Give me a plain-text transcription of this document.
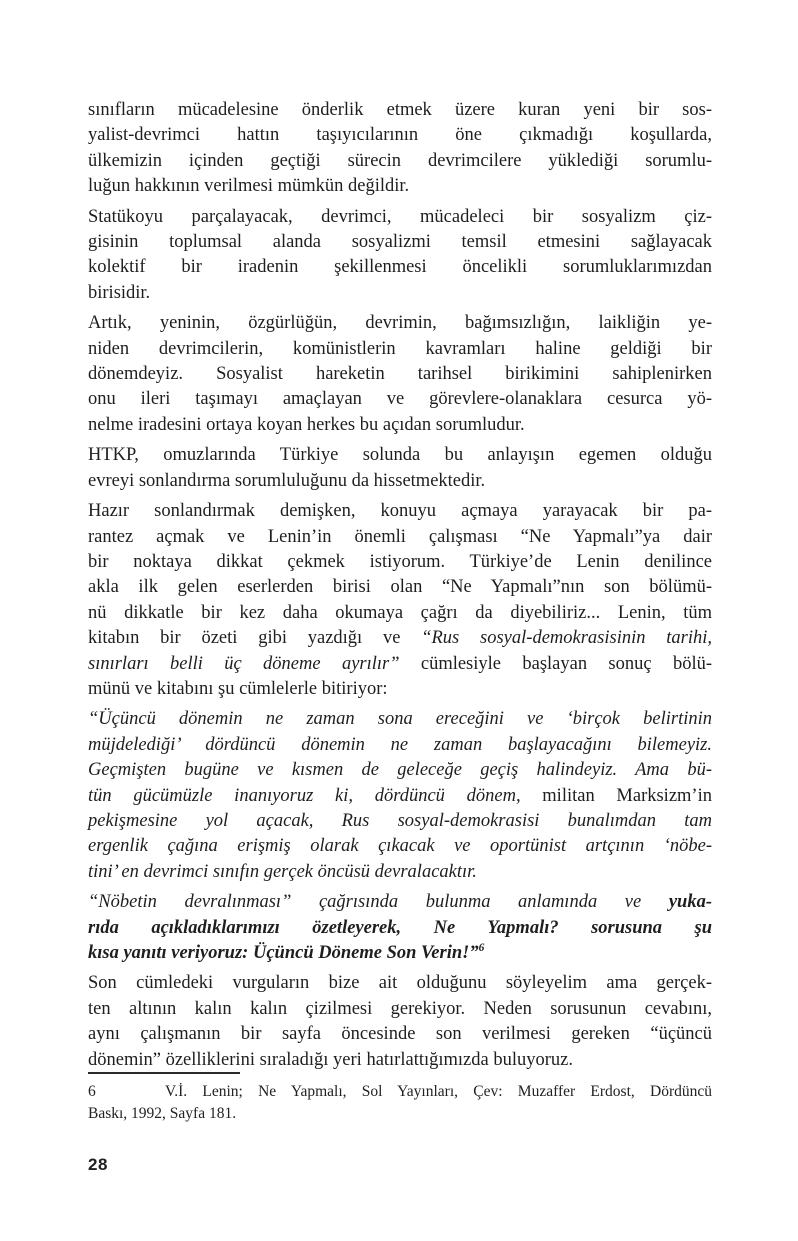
sınıfların mücadelesine önderlik etmek üzere kuran yeni bir sos-
yalist-devrimci hattın taşıyıcılarının öne çıkmadığı koşullarda,
ülkemizin içinden geçtiği sürecin devrimcilere yüklediği sorumlu-
luğun hakkının verilmesi mümkün değildir.
Statükoyu parçalayacak, devrimci, mücadeleci bir sosyalizm çiz-
gisinin toplumsal alanda sosyalizmi temsil etmesini sağlayacak
kolektif bir iradenin şekillenmesi öncelikli sorumluklarımızdan
birisidir.
Artık, yeninin, özgürlüğün, devrimin, bağımsızlığın, laikliğin ye-
niden devrimcilerin, komünistlerin kavramları haline geldiği bir
dönemdeyiz. Sosyalist hareketin tarihsel birikimini sahiplenirken
onu ileri taşımayı amaçlayan ve görevlere-olanaklara cesurca yö-
nelme iradesini ortaya koyan herkes bu açıdan sorumludur.
HTKP, omuzlarında Türkiye solunda bu anlayışın egemen olduğu
evreyi sonlandırma sorumluluğunu da hissetmektedir.
Hazır sonlandırmak demişken, konuyu açmaya yarayacak bir pa-
rantez açmak ve Lenin’in önemli çalışması “Ne Yapmalı”ya dair
bir noktaya dikkat çekmek istiyorum. Türkiye’de Lenin denilince
akla ilk gelen eserlerden birisi olan “Ne Yapmalı”nın son bölümü-
nü dikkatle bir kez daha okumaya çağrı da diyebiliriz... Lenin, tüm
kitabın bir özeti gibi yazdığı ve “Rus sosyal-demokrasisinin tarihi,
sınırları belli üç döneme ayrılır” cümlesiyle başlayan sonuç bölü-
münü ve kitabını şu cümlelerle bitiriyor:
“Üçüncü dönemin ne zaman sona ereceğini ve ‘birçok belirtinin
müjdelediği’ dördüncü dönemin ne zaman başlayacağını bilemeyiz.
Geçmişten bugüne ve kısmen de geleceğe geçiş halindeyiz. Ama bü-
tün gücümüzle inanıyoruz ki, dördüncü dönem, militan Marksizm’in
pekişmesine yol açacak, Rus sosyal-demokrasisi bunalımdan tam
ergenlik çağına erişmiş olarak çıkacak ve oportünist artçının ‘nöbe-
tini’ en devrimci sınıfın gerçek öncüsü devralacaktır.
“Nöbetin devralınması” çağrısında bulunma anlamında ve yuka-
rıda açıkladıklarımızı özetleyerek, Ne Yapmalı? sorusuna şu
kısa yanıtı veriyoruz: Üçüncü Döneme Son Verin!”$^6$
Son cümledeki vurguların bize ait olduğunu söyleyelim ama gerçek-
ten altının kalın kalın çizilmesi gerekiyor. Neden sorusunun cevabını,
aynı çalışmanın bir sayfa öncesinde son verilmesi gereken “üçüncü
dönemin” özelliklerini sıraladığı yeri hatırlattığımızda buluyoruz.
6	V.İ. Lenin; Ne Yapmalı, Sol Yayınları, Çev: Muzaffer Erdost, Dördüncü
Baskı, 1992, Sayfa 181.
28
